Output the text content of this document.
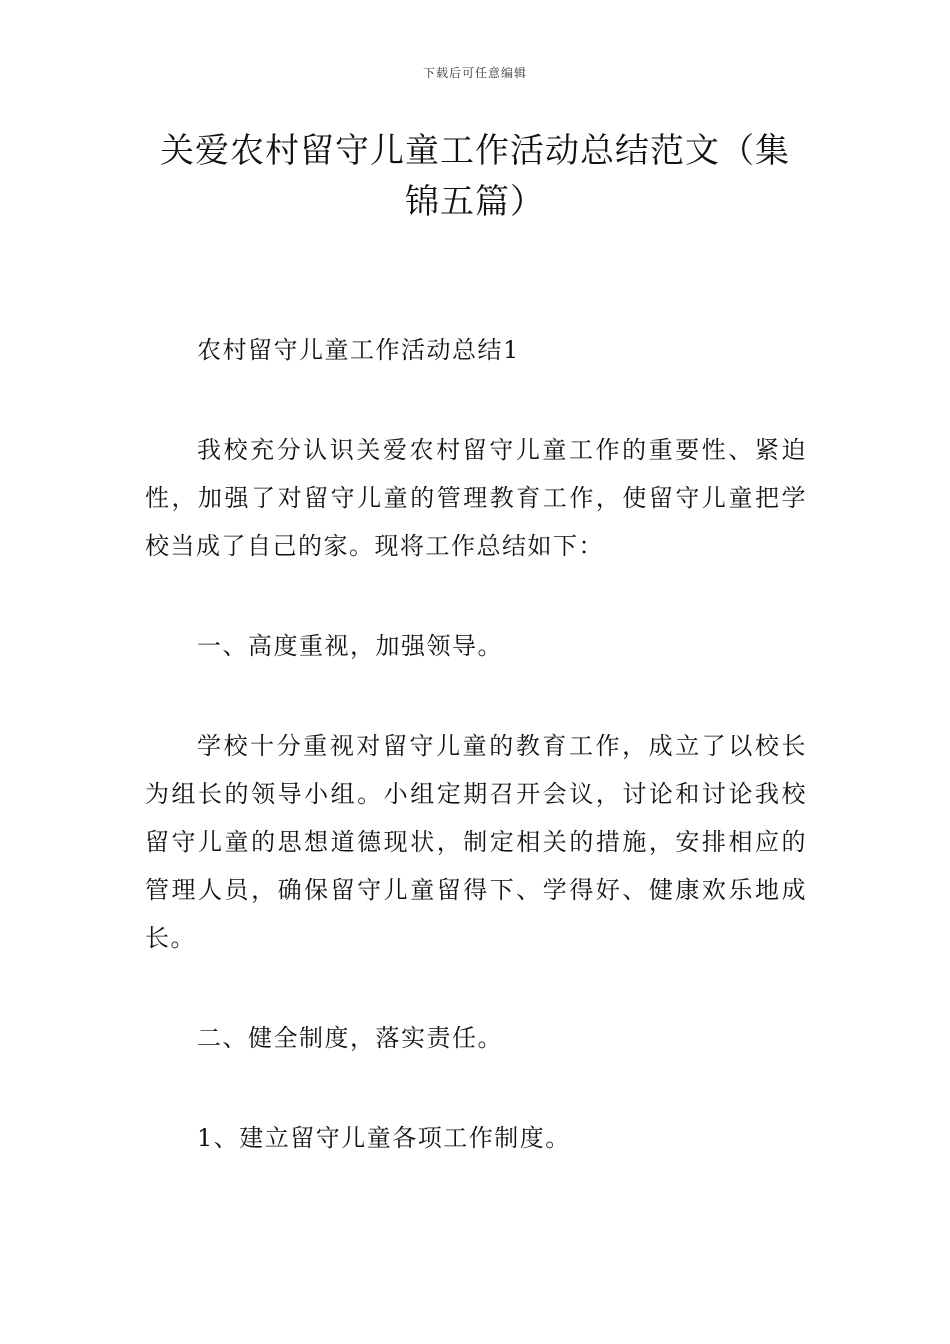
下载后可任意编辑
关爱农村留守儿童工作活动总结范文（集锦五篇）

农村留守儿童工作活动总结1

我校充分认识关爱农村留守儿童工作的重要性、紧迫性，加强了对留守儿童的管理教育工作，使留守儿童把学校当成了自己的家。现将工作总结如下：

一、高度重视，加强领导。

学校十分重视对留守儿童的教育工作，成立了以校长为组长的领导小组。小组定期召开会议，讨论和讨论我校留守儿童的思想道德现状，制定相关的措施，安排相应的管理人员，确保留守儿童留得下、学得好、健康欢乐地成长。

二、健全制度，落实责任。

1、建立留守儿童各项工作制度。
